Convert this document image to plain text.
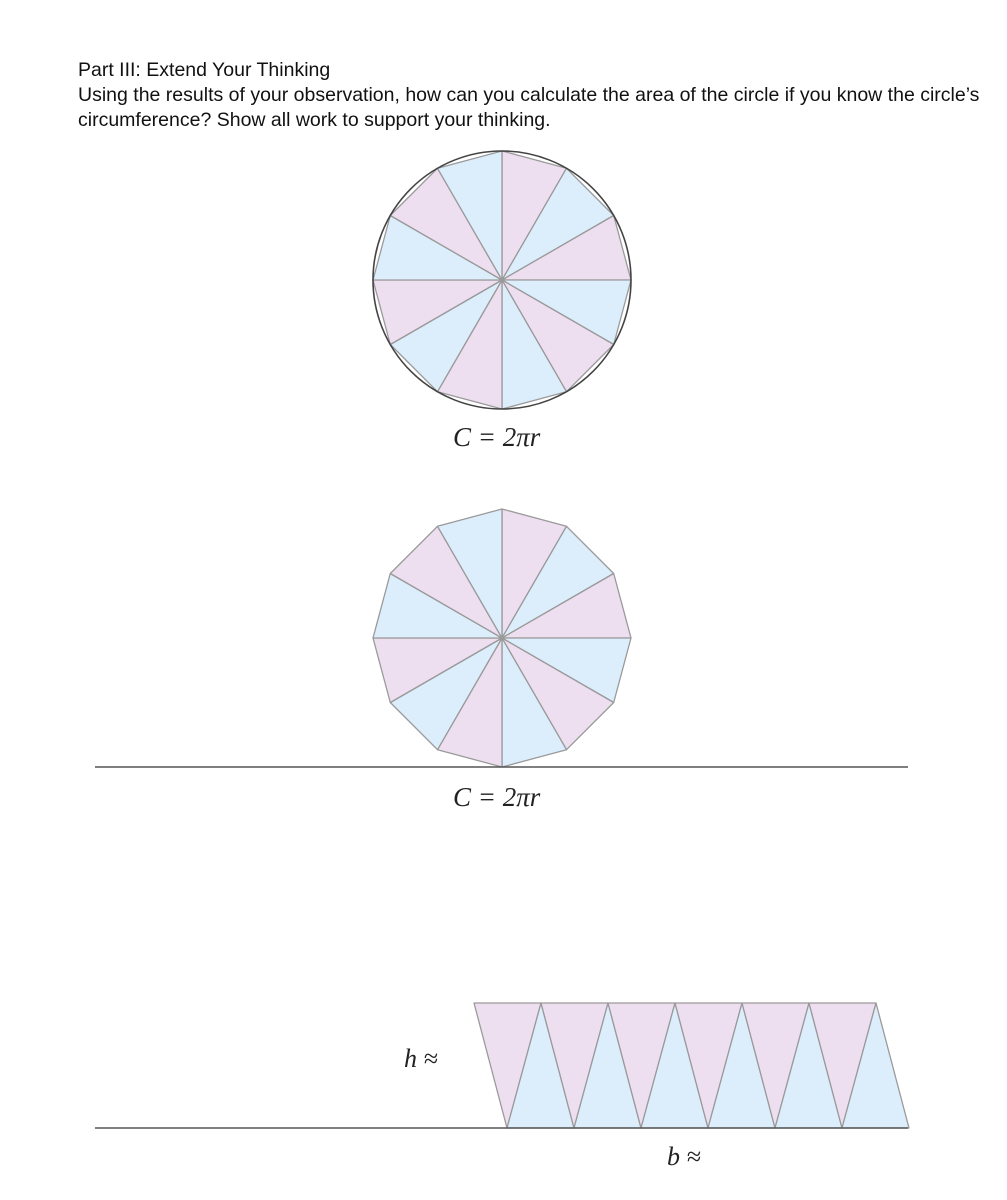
Part III: Extend Your Thinking

Using the results of your observation, how can you calculate the area of the circle if you know the circle’s circumference? Show all work to support your thinking.

C = 2πr
C = 2πr
h ≈
b ≈
